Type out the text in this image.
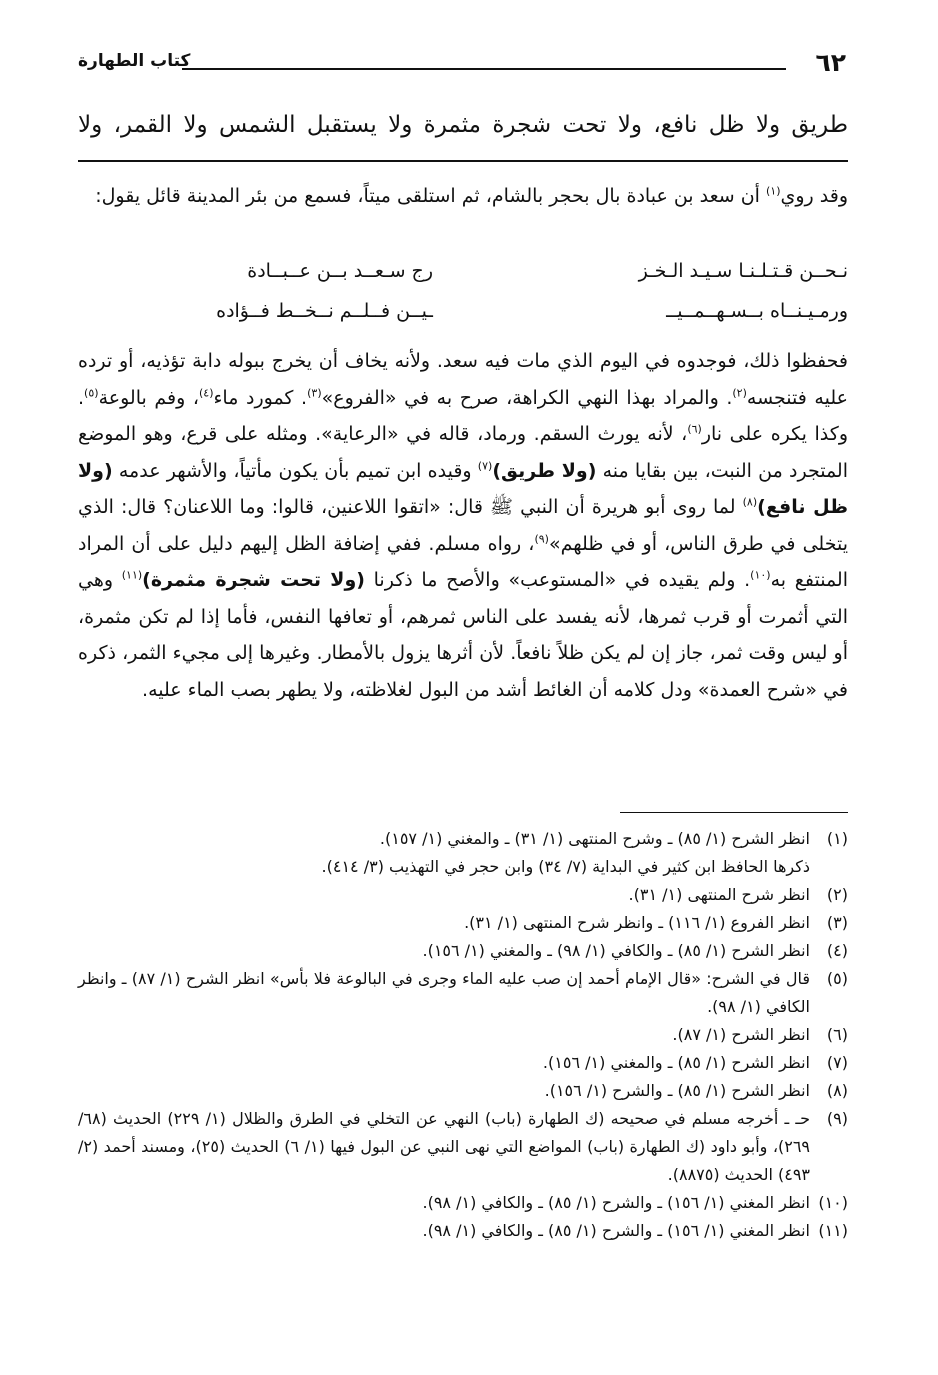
٦٢
كتاب الطهارة
طريق ولا ظل نافع، ولا تحت شجرة مثمرة ولا يستقبل الشمس ولا القمر، ولا
وقد روي$^{(١)}$ أن سعد بن عبادة بال بحجر بالشام، ثم استلقى ميتاً، فسمع من بئر المدينة قائل يقول:
نـحــن قـتـلـنـا سـيـد الـخـز
رج سـعــد بــن عــبــادة
ورمـيـنــاه بــسـهــمــيــ
ـيــن فــلــم نــخــط فــؤاده
فحفظوا ذلك، فوجدوه في اليوم الذي مات فيه سعد. ولأنه يخاف أن يخرج ببوله دابة تؤذيه، أو ترده عليه فتنجسه$^{(٢)}$. والمراد بهذا النهي الكراهة، صرح به في «الفروع»$^{(٣)}$. كمورد ماء$^{(٤)}$، وفم بالوعة$^{(٥)}$. وكذا يكره على نار$^{(٦)}$، لأنه يورث السقم. ورماد، قاله في «الرعاية». ومثله على قرع، وهو الموضع المتجرد من النبت، بين بقايا منه (ولا طريق)$^{(٧)}$ وقيده ابن تميم بأن يكون مأتياً، والأشهر عدمه (ولا ظل نافع)$^{(٨)}$ لما روى أبو هريرة أن النبي ﷺ قال: «اتقوا اللاعنين، قالوا: وما اللاعنان؟ قال: الذي يتخلى في طرق الناس، أو في ظلهم»$^{(٩)}$، رواه مسلم. ففي إضافة الظل إليهم دليل على أن المراد المنتفع به$^{(١٠)}$. ولم يقيده في «المستوعب» والأصح ما ذكرنا (ولا تحت شجرة مثمرة)$^{(١١)}$ وهي التي أثمرت أو قرب ثمرها، لأنه يفسد على الناس ثمرهم، أو تعافها النفس، فأما إذا لم تكن مثمرة، أو ليس وقت ثمر، جاز إن لم يكن ظلاً نافعاً. لأن أثرها يزول بالأمطار. وغيرها إلى مجيء الثمر، ذكره في «شرح العمدة» ودل كلامه أن الغائط أشد من البول لغلاظته، ولا يطهر بصب الماء عليه.
(١)

انظر الشرح (١/ ٨٥) ـ وشرح المنتهى (١/ ٣١) ـ والمغني (١/ ١٥٧).

ذكرها الحافظ ابن كثير في البداية (٧/ ٣٤) وابن حجر في التهذيب (٣/ ٤١٤).

(٢)

انظر شرح المنتهى (١/ ٣١).

(٣)

انظر الفروع (١/ ١١٦) ـ وانظر شرح المنتهى (١/ ٣١).

(٤)

انظر الشرح (١/ ٨٥) ـ والكافي (١/ ٩٨) ـ والمغني (١/ ١٥٦).

(٥)

قال في الشرح: «قال الإمام أحمد إن صب عليه الماء وجرى في البالوعة فلا بأس» انظر الشرح (١/ ٨٧) ـ وانظر الكافي (١/ ٩٨).

(٦)

انظر الشرح (١/ ٨٧).

(٧)

انظر الشرح (١/ ٨٥) ـ والمغني (١/ ١٥٦).

(٨)

انظر الشرح (١/ ٨٥) ـ والشرح (١/ ١٥٦).

(٩)

حـ ـ أخرجه مسلم في صحيحه (ك الطهارة (باب) النهي عن التخلي في الطرق والظلال (١/ ٢٢٩) الحديث (٦٨/ ٢٦٩)، وأبو داود (ك الطهارة (باب) المواضع التي نهى النبي عن البول فيها (١/ ٦) الحديث (٢٥)، ومسند أحمد (٢/ ٤٩٣) الحديث (٨٨٧٥).

(١٠)

انظر المغني (١/ ١٥٦) ـ والشرح (١/ ٨٥) ـ والكافي (١/ ٩٨).

(١١)

انظر المغني (١/ ١٥٦) ـ والشرح (١/ ٨٥) ـ والكافي (١/ ٩٨).
